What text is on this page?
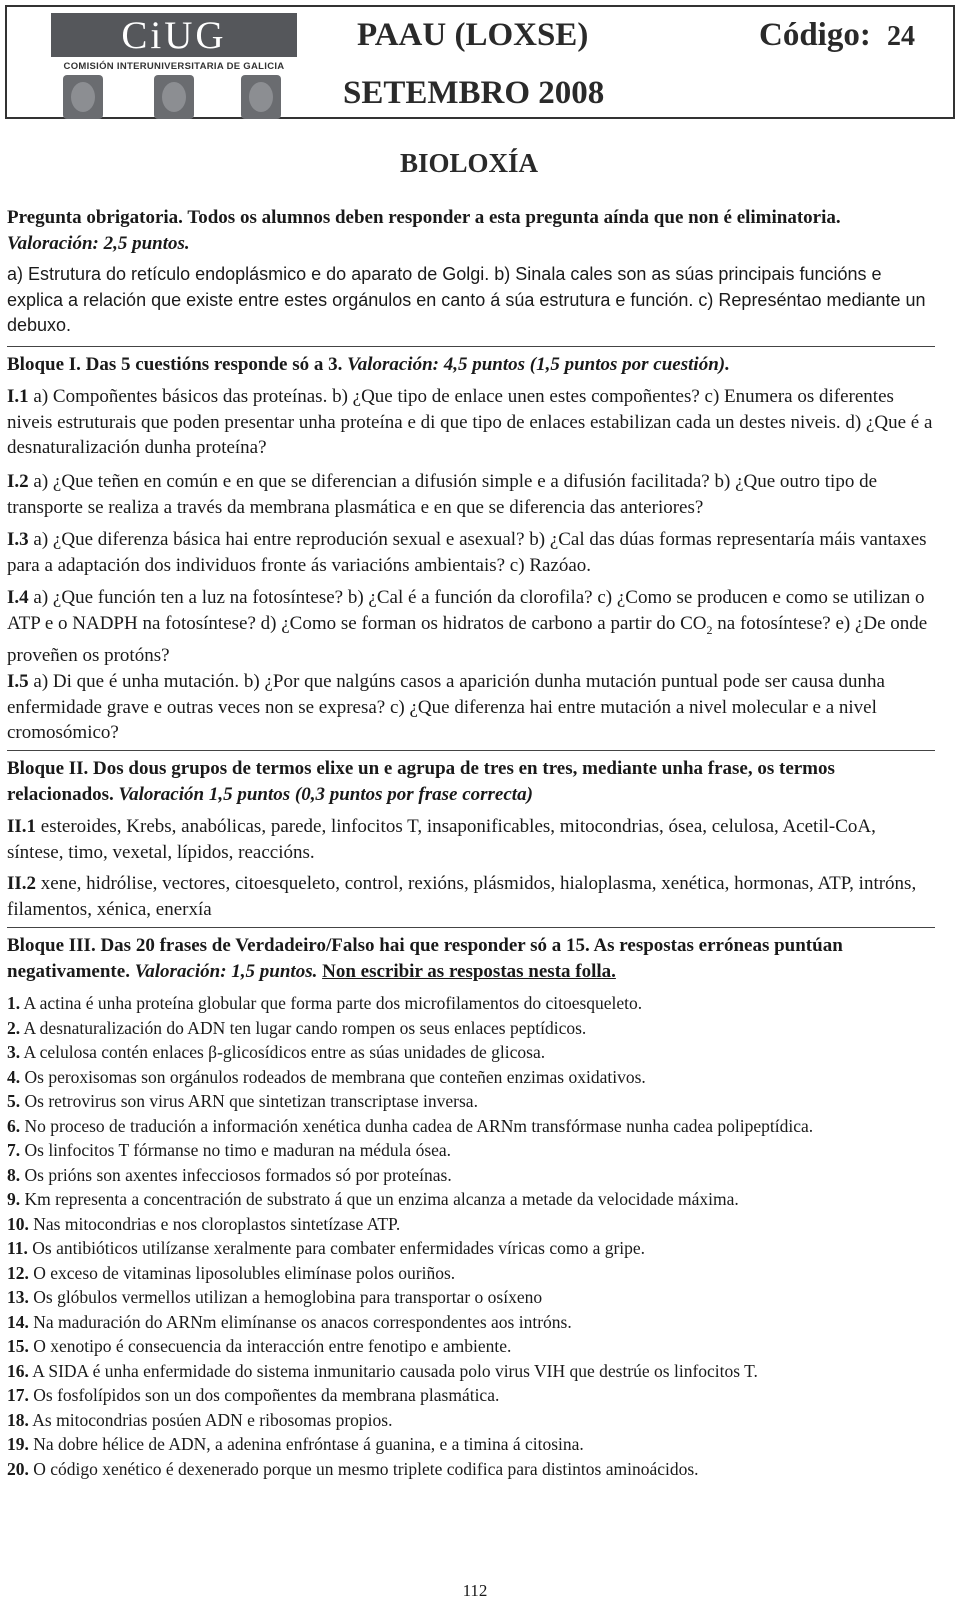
CiUG
COMISIÓN INTERUNIVERSITARIA DE GALICIA
PAAU (LOXSE)
SETEMBRO 2008
Código: 24
BIOLOXÍA
Pregunta obrigatoria. Todos os alumnos deben responder a esta pregunta aínda que non é eliminatoria.
Valoración: 2,5 puntos.
a) Estrutura do retículo endoplásmico e do aparato de Golgi. b) Sinala cales son as súas principais funcións e explica a relación que existe entre estes orgánulos en canto á súa estrutura e función. c) Represéntao mediante un debuxo.
Bloque I. Das 5 cuestións responde só a 3. Valoración: 4,5 puntos (1,5 puntos por cuestión).
I.1 a) Compoñentes básicos das proteínas. b) ¿Que tipo de enlace unen estes compoñentes? c) Enumera os diferentes niveis estruturais que poden presentar unha proteína e di que tipo de enlaces estabilizan cada un destes niveis. d) ¿Que é a desnaturalización dunha proteína?
I.2 a) ¿Que teñen en común e en que se diferencian a difusión simple e a difusión facilitada? b) ¿Que outro tipo de transporte se realiza a través da membrana plasmática e en que se diferencia das anteriores?
I.3 a) ¿Que diferenza básica hai entre reprodución sexual e asexual? b) ¿Cal das dúas formas representaría máis vantaxes para a adaptación dos individuos fronte ás variacións ambientais? c) Razóao.
I.4 a) ¿Que función ten a luz na fotosíntese? b) ¿Cal é a función da clorofila? c) ¿Como se producen e como se utilizan o ATP e o NADPH na fotosíntese? d) ¿Como se forman os hidratos de carbono a partir do $CO_2$ na fotosíntese? e) ¿De onde proveñen os protóns?
I.5 a) Di que é unha mutación. b) ¿Por que nalgúns casos a aparición dunha mutación puntual pode ser causa dunha enfermidade grave e outras veces non se expresa? c) ¿Que diferenza hai entre mutación a nivel molecular e a nivel cromosómico?
Bloque II. Dos dous grupos de termos elixe un e agrupa de tres en tres, mediante unha frase, os termos relacionados. Valoración 1,5 puntos (0,3 puntos por frase correcta)
II.1 esteroides, Krebs, anabólicas, parede, linfocitos T, insaponificables, mitocondrias, ósea, celulosa, Acetil-CoA, síntese, timo, vexetal, lípidos, reaccións.
II.2 xene, hidrólise, vectores, citoesqueleto, control, rexións, plásmidos, hialoplasma, xenética, hormonas, ATP, intróns, filamentos, xénica, enerxía
Bloque III. Das 20 frases de Verdadeiro/Falso hai que responder só a 15. As respostas erróneas puntúan negativamente. Valoración: 1,5 puntos. Non escribir as respostas nesta folla.
1. A actina é unha proteína globular que forma parte dos microfilamentos do citoesqueleto.
2. A desnaturalización do ADN ten lugar cando rompen os seus enlaces peptídicos.
3. A celulosa contén enlaces β-glicosídicos entre as súas unidades de glicosa.
4. Os peroxisomas son orgánulos rodeados de membrana que conteñen enzimas oxidativos.
5. Os retrovirus son virus ARN que sintetizan transcriptase inversa.
6. No proceso de tradución a información xenética dunha cadea de ARNm transfórmase nunha cadea polipeptídica.
7. Os linfocitos T fórmanse no timo e maduran na médula ósea.
8. Os prións son axentes infecciosos formados só por proteínas.
9. Km representa a concentración de substrato á que un enzima alcanza a metade da velocidade máxima.
10. Nas mitocondrias e nos cloroplastos sintetízase ATP.
11. Os antibióticos utilízanse xeralmente para combater enfermidades víricas como a gripe.
12. O exceso de vitaminas liposolubles elimínase polos ouriños.
13. Os glóbulos vermellos utilizan a hemoglobina para transportar o osíxeno
14. Na maduración do ARNm elimínanse os anacos correspondentes aos intróns.
15. O xenotipo é consecuencia da interacción entre fenotipo e ambiente.
16. A SIDA é unha enfermidade do sistema inmunitario causada polo virus VIH que destrúe os linfocitos T.
17. Os fosfolípidos son un dos compoñentes da membrana plasmática.
18. As mitocondrias posúen ADN e ribosomas propios.
19. Na dobre hélice de ADN, a adenina enfróntase á guanina, e a timina á citosina.
20. O código xenético é dexenerado porque un mesmo triplete codifica para distintos aminoácidos.
112
